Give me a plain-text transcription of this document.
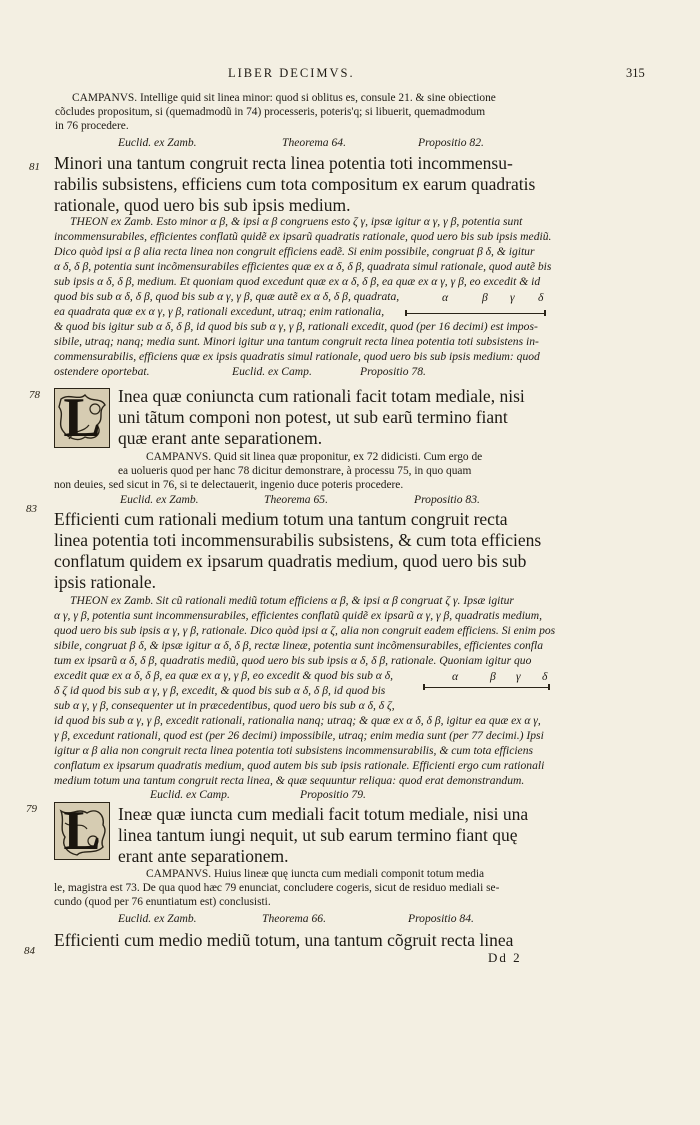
LIBER DECIMVS.	315
81
78
83
79
84
CAMPANVS. Intellige quid sit linea minor: quod si oblitus es, consule 21. & sine obiectione
cõcludes propositum, si (quemadmodũ in 74) processeris, poteris'q; si libuerit, quemadmodum
in 76 procedere.
Euclid. ex Zamb.	Theorema 64.	Propositio 82.
Minori una tantum congruit recta linea potentia toti incommensu-
rabilis subsistens, efficiens cum tota compositum ex earum quadratis
rationale, quod uero bis sub ipsis medium.
THEON ex Zamb. Esto minor α β, & ipsi α β congruens esto ζ γ, ipsæ igitur α γ, γ β, potentia sunt
incommensurabiles, efficientes conflatũ quidẽ ex ipsarũ quadratis rationale, quod uero bis sub ipsis mediũ.
Dico quòd ipsi α β alia recta linea non congruit efficiens eadẽ. Si enim possibile, congruat β δ, & igitur
α δ, δ β, potentia sunt incõmensurabiles efficientes quæ ex α δ, δ β, quadrata simul rationale, quod autẽ bis
sub ipsis α δ, δ β, medium. Et quoniam quod excedunt quæ ex α δ, δ β, ea quæ ex α γ, γ β, eo excedit & id
quod bis sub α δ, δ β, quod bis sub α γ, γ β, quæ autẽ ex α δ, δ β, quadrata,	α	β γ δ
ea quadrata quæ ex α γ, γ β, rationali excedunt, utraq; enim rationalia,
& quod bis igitur sub α δ, δ β, id quod bis sub α γ, γ β, rationali excedit, quod (per 16 decimi) est impos-
sibile, utraq; nanq; media sunt. Minori igitur una tantum congruit recta linea potentia toti subsistens in-
commensurabilis, efficiens quæ ex ipsis quadratis simul rationale, quod uero bis sub ipsis medium: quod
ostendere oportebat.	Euclid. ex Camp.	Propositio 78.
L Inea quæ coniuncta cum rationali facit totam mediale, nisi
uni tãtum componi non potest, ut sub earũ termino fiant
quæ erant ante separationem.
CAMPANVS. Quid sit linea quæ proponitur, ex 72 didicisti. Cum ergo de
ea uolueris quod per hanc 78 dicitur demonstrare, à processu 75, in quo quam
non deuies, sed sicut in 76, si te delectauerit, ingenio duce poteris procedere.
Euclid. ex Zamb.	Theorema 65.	Propositio 83.
Efficienti cum rationali medium totum una tantum congruit recta
linea potentia toti incommensurabilis subsistens, & cum tota efficiens
conflatum quidem ex ipsarum quadratis medium, quod uero bis sub
ipsis rationale.
THEON ex Zamb. Sit cũ rationali mediũ totum efficiens α β, & ipsi α β congruat ζ γ. Ipsæ igitur
α γ, γ β, potentia sunt incommensurabiles, efficientes conflatũ quidẽ ex ipsarũ α γ, γ β, quadratis medium,
quod uero bis sub ipsis α γ, γ β, rationale. Dico quòd ipsi α ζ, alia non congruit eadem efficiens. Si enim pos
sibile, congruat β δ, & ipsæ igitur α δ, δ β, rectæ lineæ, potentia sunt incõmensurabiles, efficientes confla
tum ex ipsarũ α δ, δ β, quadratis mediũ, quod uero bis sub ipsis α δ, δ β, rationale. Quoniam igitur quo
excedit quæ ex α δ, δ β, ea quæ ex α γ, γ β, eo excedit & quod bis sub α δ,
δ ζ id quod bis sub α γ, γ β, excedit, & quod bis sub α δ, δ β, id quod bis
sub α γ, γ β, consequenter ut in præcedentibus, quod uero bis sub α δ, δ ζ,
α	β γ δ
id quod bis sub α γ, γ β, excedit rationali, rationalia nanq; utraq; & quæ ex α δ, δ β, igitur ea quæ ex α γ,
γ β, excedunt rationali, quod est (per 26 decimi) impossibile, utraq; enim media sunt (per 77 decimi.) Ipsi
igitur α β alia non congruit recta linea potentia toti subsistens incommensurabilis, & cum tota efficiens
conflatum ex ipsarum quadratis medium, quod autem bis sub ipsis rationale. Efficienti ergo cum rationali
medium totum una tantum congruit recta linea, & quæ sequuntur reliqua: quod erat demonstrandum.
Euclid. ex Camp.	Propositio 79.
L Ineæ quæ iuncta cum mediali facit totum mediale, nisi una
linea tantum iungi nequit, ut sub earum termino fiant quę
erant ante separationem.
CAMPANVS. Huius lineæ quę iuncta cum mediali componit totum media
le, magistra est 73. De qua quod hæc 79 enunciat, concludere cogeris, sicut de residuo mediali se-
cundo (quod per 76 enuntiatum est) conclusisti.
Euclid. ex Zamb.	Theorema 66.	Propositio 84.
Efficienti cum medio mediũ totum, una tantum cõgruit recta linea
Dd 2
